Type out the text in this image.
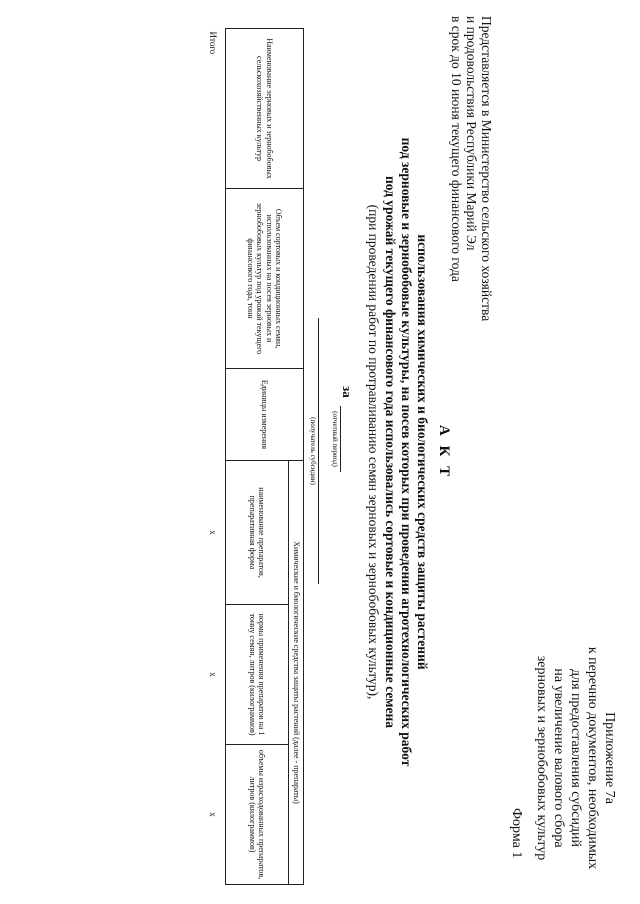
Приложение 7а
к перечню документов, необходимых
для предоставления субсидий
на увеличение валового сбора
зерновых и зернобобовых культур
Форма 1
Представляется в Министерство сельского хозяйства
и продовольствия Республики Марий Эл
в срок до 10 июня текущего финансового года
А К Т
использования химических и биологических средств защиты растений
под зерновые и зернобобовые культуры, на посев которых при проведении агротехнологических работ
под урожай текущего финансового года использовались сортовые и кондиционные семена
(при проведении работ по протравливанию семян зерновых и зернобобовых культур),
за
(отчетный период)
(получатель субсидии)
Наименование зерновых и зернобобовых сельскохозяйственных культур	Объем сортовых и кондиционных семян, использованных на посев зерновых и зернобобовых культур под урожай текущего финансового года, тонн	Единицы измерения	Химические и биологические средства защиты растений (далее - препараты)		
			наименование препаратов, препаративная форма	нормы применения препаратов на 1 тонну семян, литров (килограммов)	объемы израсходованных препаратов, литров (килограммов)
Итого			x	x	x
